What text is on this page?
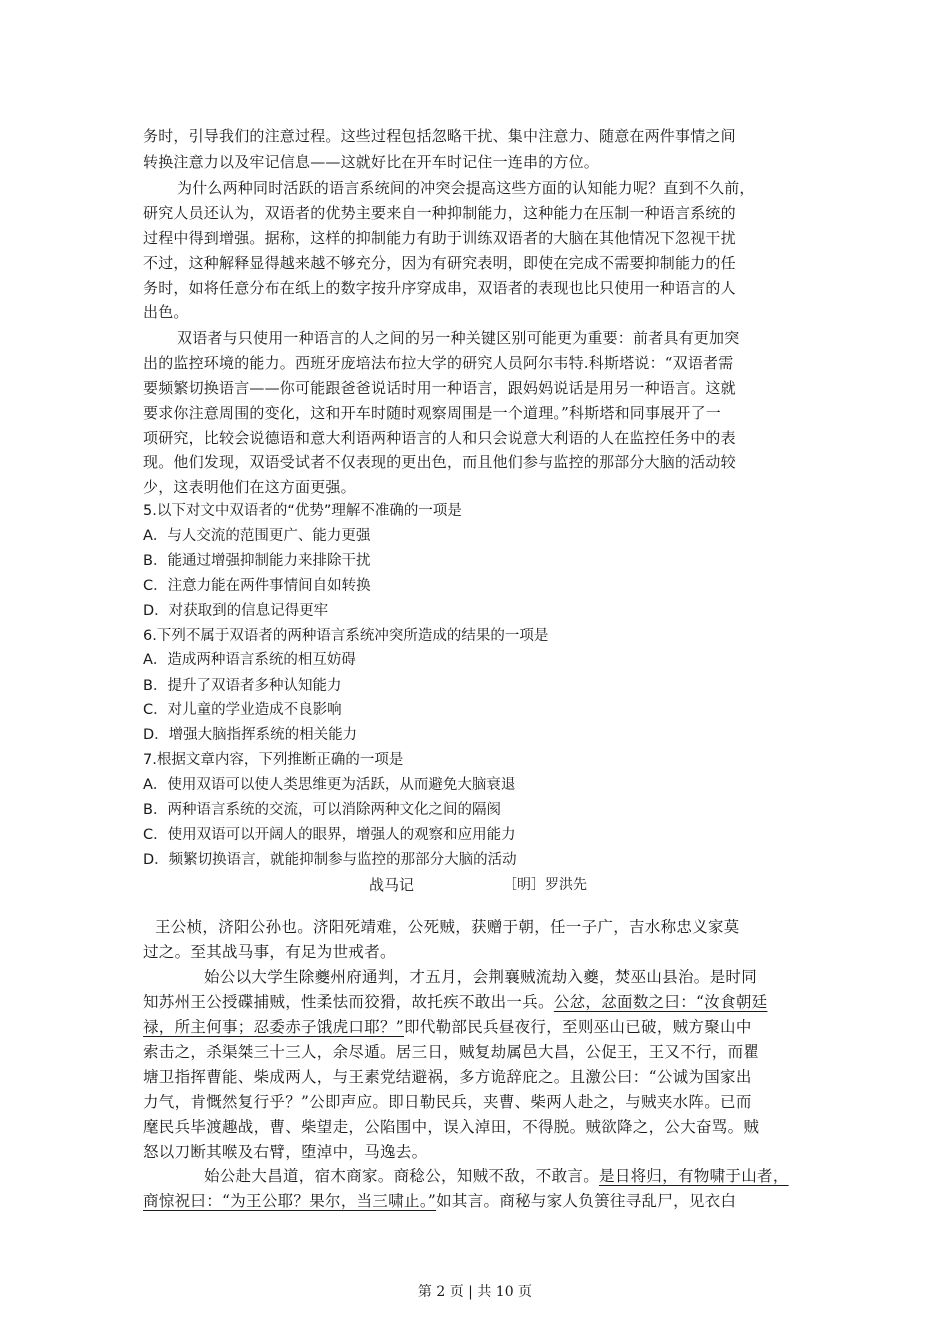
务时，引导我们的注意过程。这些过程包括忽略干扰、集中注意力、随意在两件事情之间
转换注意力以及牢记信息——这就好比在开车时记住一连串的方位。
为什么两种同时活跃的语言系统间的冲突会提高这些方面的认知能力呢？直到不久前，
研究人员还认为，双语者的优势主要来自一种抑制能力，这种能力在压制一种语言系统的
过程中得到增强。据称，这样的抑制能力有助于训练双语者的大脑在其他情况下忽视干扰
不过，这种解释显得越来越不够充分，因为有研究表明，即使在完成不需要抑制能力的任
务时，如将任意分布在纸上的数字按升序穿成串，双语者的表现也比只使用一种语言的人
出色。
双语者与只使用一种语言的人之间的另一种关键区别可能更为重要：前者具有更加突
出的监控环境的能力。西班牙庞培法布拉大学的研究人员阿尔韦特.科斯塔说：“双语者需
要频繁切换语言——你可能跟爸爸说话时用一种语言，跟妈妈说话是用另一种语言。这就
要求你注意周围的变化，这和开车时随时观察周围是一个道理。”科斯塔和同事展开了一
项研究，比较会说德语和意大利语两种语言的人和只会说意大利语的人在监控任务中的表
现。他们发现，双语受试者不仅表现的更出色，而且他们参与监控的那部分大脑的活动较
少，这表明他们在这方面更强。
5.以下对文中双语者的“优势”理解不准确的一项是
A．与人交流的范围更广、能力更强
B．能通过增强抑制能力来排除干扰
C．注意力能在两件事情间自如转换
D．对获取到的信息记得更牢
6.下列不属于双语者的两种语言系统冲突所造成的结果的一项是
A．造成两种语言系统的相互妨碍
B．提升了双语者多种认知能力
C．对儿童的学业造成不良影响
D．增强大脑指挥系统的相关能力
7.根据文章内容，下列推断正确的一项是
A．使用双语可以使人类思维更为活跃，从而避免大脑衰退
B．两种语言系统的交流，可以消除两种文化之间的隔阂
C．使用双语可以开阔人的眼界，增强人的观察和应用能力
D．频繁切换语言，就能抑制参与监控的那部分大脑的活动
战马记	［明］罗洪先
王公桢，济阳公孙也。济阳死靖难，公死贼，获赠于朝，任一子广，吉水称忠义家莫
过之。至其战马事，有足为世戒者。
始公以大学生除夔州府通判，才五月，会荆襄贼流劫入夔，焚巫山县治。是时同
知苏州王公授碟捕贼，性柔怯而狡猾，故托疾不敢出一兵。公忿，忿面数之曰：“汝食朝廷
禄，所主何事；忍委赤子饿虎口耶？”即代勒部民兵昼夜行，至则巫山已破，贼方聚山中
索击之，杀渠桀三十三人，余尽遁。居三日，贼复劫属邑大昌，公促王，王又不行，而瞿
塘卫指挥曹能、柴成两人，与王素党结避祸，多方诡辞庇之。且激公曰：“公诚为国家出
力气，肯慨然复行乎？”公即声应。即日勒民兵，夹曹、柴两人赴之，与贼夹水阵。已而
麾民兵毕渡趣战，曹、柴望走，公陷围中，误入淖田，不得脱。贼欲降之，公大奋骂。贼
怒以刀断其喉及右臂，堕淖中，马逸去。
始公赴大昌道，宿木商家。商稔公，知贼不敌，不敢言。是日将归，有物啸于山者，
商惊祝曰：“为王公耶？果尔，当三啸止。”如其言。商秘与家人负箦往寻乱尸，见衣白
第 2 页 | 共 10 页
